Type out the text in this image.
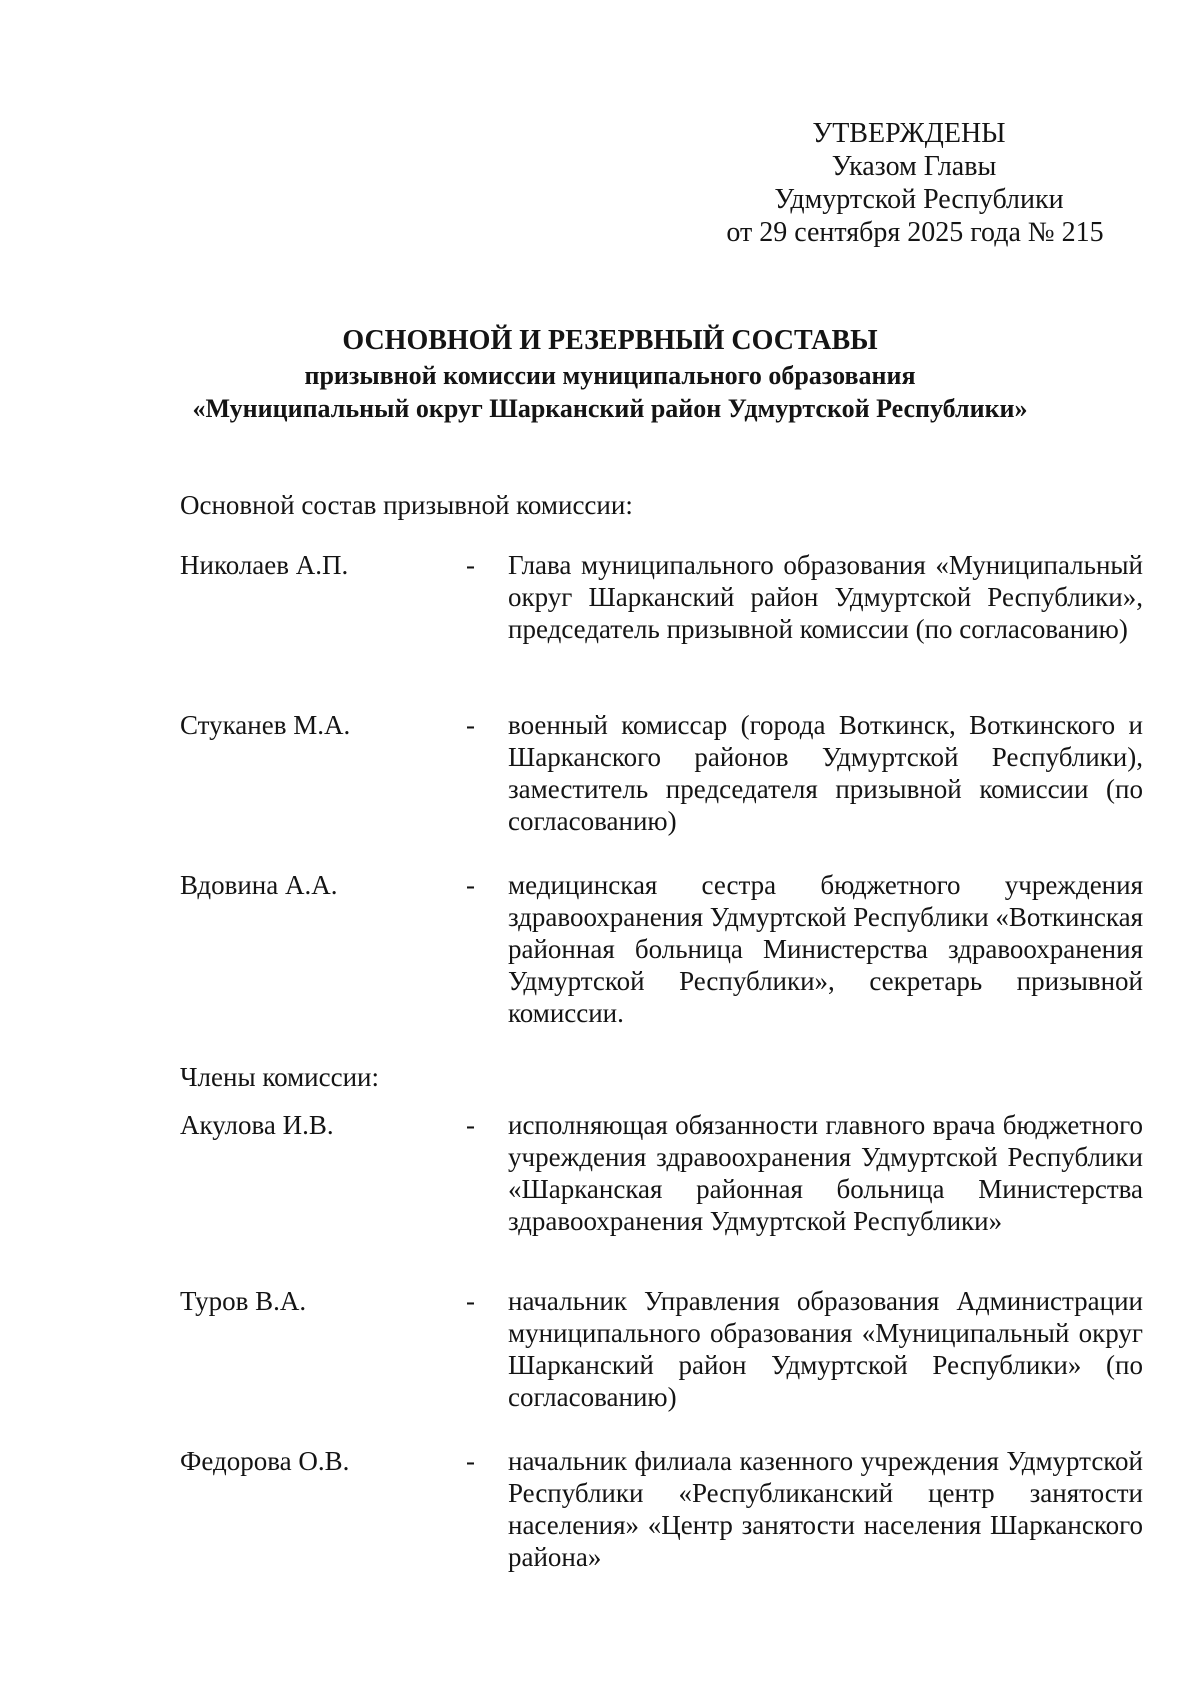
УТВЕРЖДЕНЫ
Указом Главы
Удмуртской Республики
от 29 сентября 2025 года № 215
ОСНОВНОЙ И РЕЗЕРВНЫЙ СОСТАВЫ
призывной комиссии муниципального образования
«Муниципальный округ Шарканский район Удмуртской Республики»
Основной состав призывной комиссии:
Николаев А.П.	- Глава муниципального образования «Муниципальный округ Шарканский район Удмуртской Республики», председатель призывной комиссии (по согласованию)
Стуканев М.А.	- военный комиссар (города Воткинск, Воткинского и Шарканского районов Удмуртской Республики), заместитель председателя призывной комиссии (по согласованию)
Вдовина А.А.	- медицинская сестра бюджетного учреждения здравоохранения Удмуртской Республики «Воткинская районная больница Министерства здравоохранения Удмуртской Республики», секретарь призывной комиссии.
Члены комиссии:
Акулова И.В.	- исполняющая обязанности главного врача бюджетного учреждения здравоохранения Удмуртской Республики «Шарканская районная больница Министерства здравоохранения Удмуртской Республики»
Туров В.А.	- начальник Управления образования Администрации муниципального образования «Муниципальный округ Шарканский район Удмуртской Республики» (по согласованию)
Федорова О.В.	- начальник филиала казенного учреждения Удмуртской Республики «Республиканский центр занятости населения» «Центр занятости населения Шарканского района»
